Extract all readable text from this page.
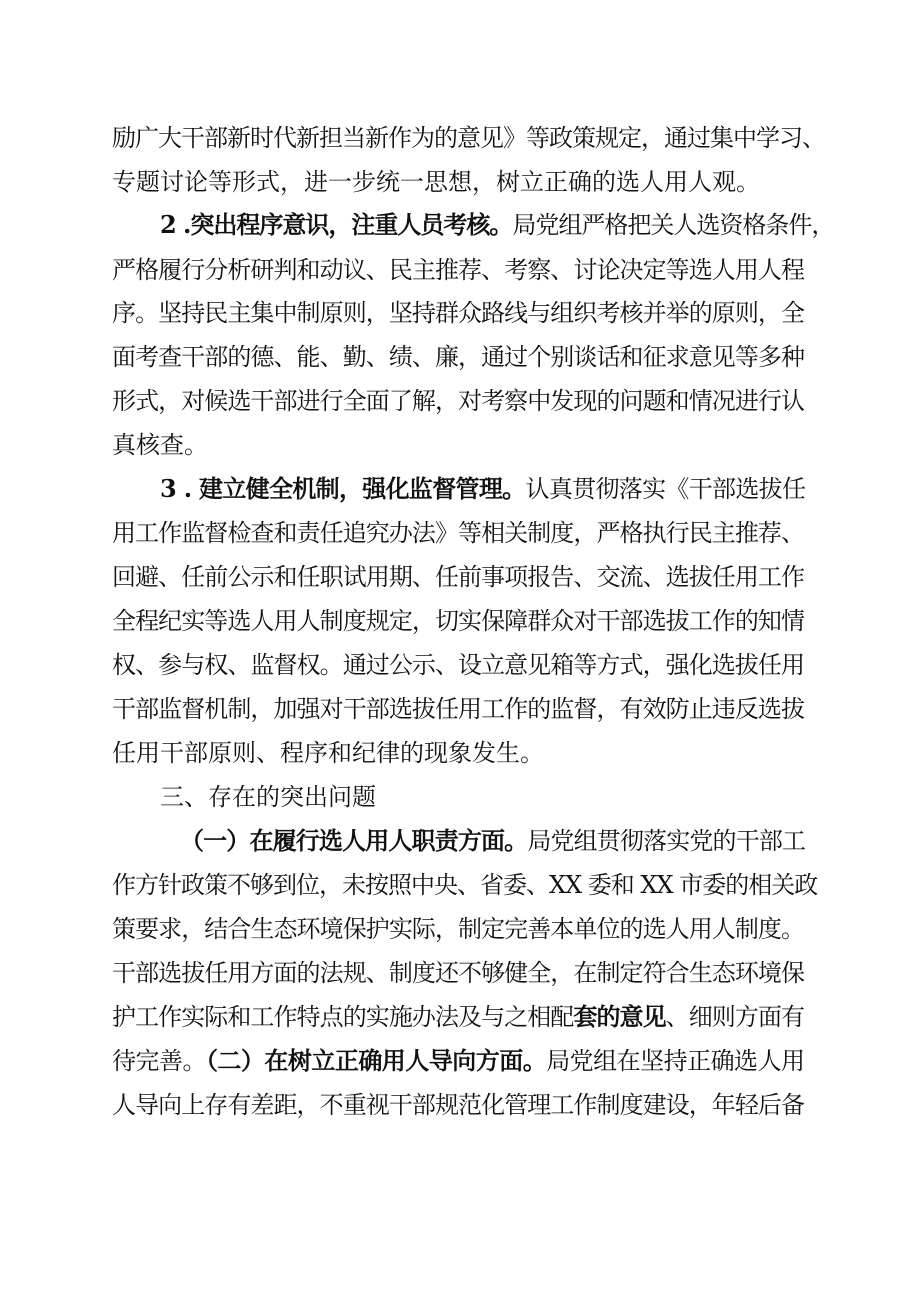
励广大干部新时代新担当新作为的意见》等政策规定，通过集中学习、
专题讨论等形式，进一步统一思想，树立正确的选人用人观。
2 .突出程序意识，注重人员考核。局党组严格把关人选资格条件，
严格履行分析研判和动议、民主推荐、考察、讨论决定等选人用人程
序。坚持民主集中制原则，坚持群众路线与组织考核并举的原则，全
面考查干部的德、能、勤、绩、廉，通过个别谈话和征求意见等多种
形式，对候选干部进行全面了解，对考察中发现的问题和情况进行认
真核查。
3 . 建立健全机制，强化监督管理。认真贯彻落实《干部选拔任
用工作监督检查和责任追究办法》等相关制度，严格执行民主推荐、
回避、任前公示和任职试用期、任前事项报告、交流、选拔任用工作
全程纪实等选人用人制度规定，切实保障群众对干部选拔工作的知情
权、参与权、监督权。通过公示、设立意见箱等方式，强化选拔任用
干部监督机制，加强对干部选拔任用工作的监督，有效防止违反选拔
任用干部原则、程序和纪律的现象发生。
三、存在的突出问题
（一）在履行选人用人职责方面。局党组贯彻落实党的干部工
作方针政策不够到位，未按照中央、省委、XX 委和 XX 市委的相关政
策要求，结合生态环境保护实际，制定完善本单位的选人用人制度。
干部选拔任用方面的法规、制度还不够健全，在制定符合生态环境保
护工作实际和工作特点的实施办法及与之相配套的意见、细则方面有
待完善。（二）在树立正确用人导向方面。局党组在坚持正确选人用
人导向上存有差距，不重视干部规范化管理工作制度建设，年轻后备
